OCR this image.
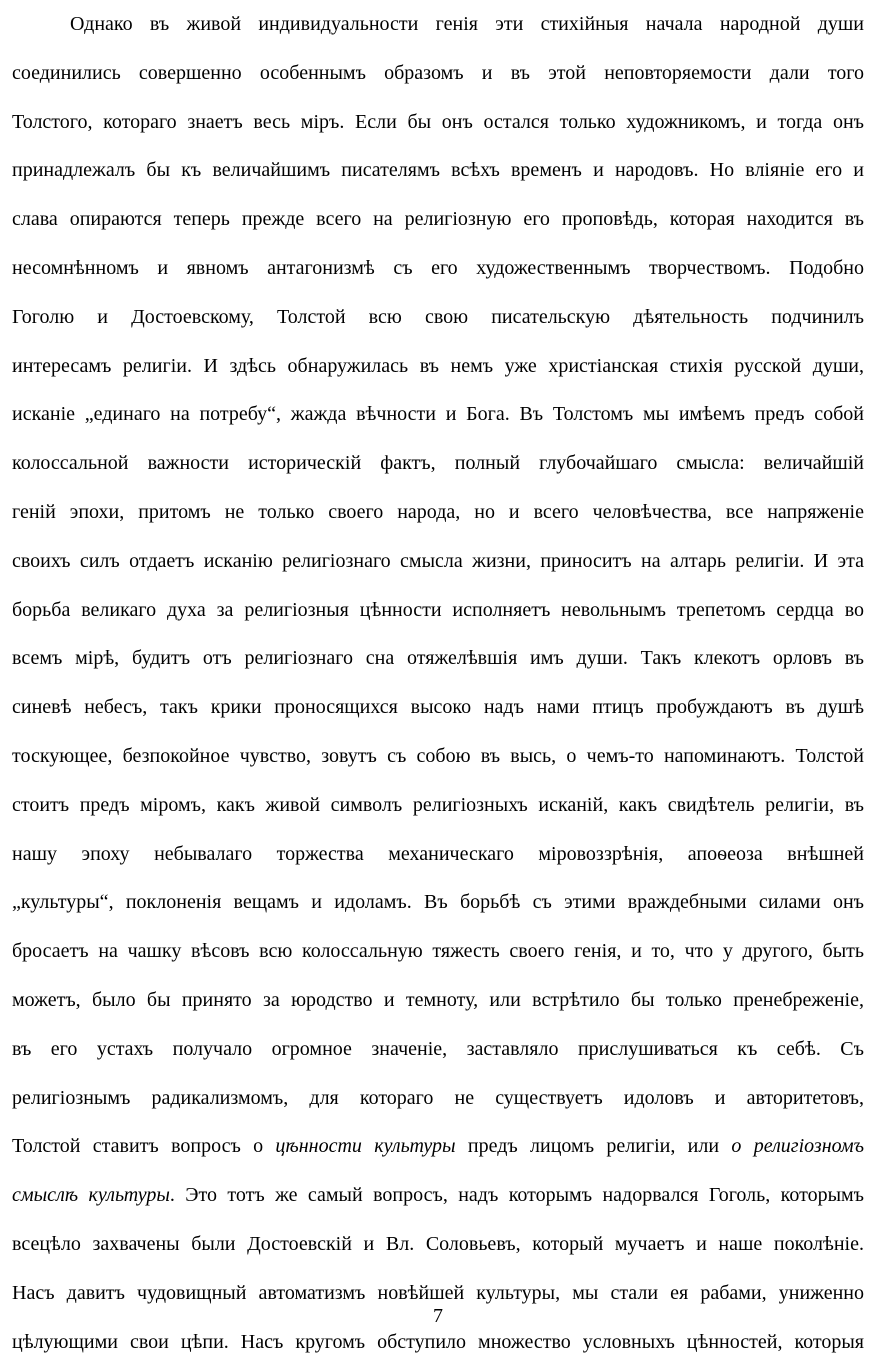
Однако въ живой индивидуальности генія эти стихійныя начала народной души
соединились совершенно особеннымъ образомъ и въ этой неповторяемости дали того
Толстого, котораго знаетъ весь міръ. Если бы онъ остался только художникомъ, и тогда онъ
принадлежалъ бы къ величайшимъ писателямъ всѣхъ временъ и народовъ. Но вліяніе его и
слава опираются теперь прежде всего на религіозную его проповѣдь, которая находится въ
несомнѣнномъ и явномъ антагонизмѣ съ его художественнымъ творчествомъ. Подобно
Гоголю и Достоевскому, Толстой всю свою писательскую дѣятельность подчинилъ
интересамъ религіи. И здѣсь обнаружилась въ немъ уже христіанская стихія русской души,
исканіе „единаго на потребу“, жажда вѣчности и Бога. Въ Толстомъ мы имѣемъ предъ собой
колоссальной важности историческій фактъ, полный глубочайшаго смысла: величайшій
геній эпохи, притомъ не только своего народа, но и всего человѣчества, все напряженіе
своихъ силъ отдаетъ исканію религіознаго смысла жизни, приноситъ на алтарь религіи. И эта
борьба великаго духа за религіозныя цѣнности исполняетъ невольнымъ трепетомъ сердца во
всемъ мірѣ, будитъ отъ религіознаго сна отяжелѣвшія имъ души. Такъ клекотъ орловъ въ
синевѣ небесъ, такъ крики проносящихся высоко надъ нами птицъ пробуждаютъ въ душѣ
тоскующее, безпокойное чувство, зовутъ съ собою въ высь, о чемъ-то напоминаютъ. Толстой
стоитъ предъ міромъ, какъ живой символъ религіозныхъ исканій, какъ свидѣтель религіи, въ
нашу эпоху небывалаго торжества механическаго міровоззрѣнія, апоѳеоза внѣшней
„культуры“, поклоненія вещамъ и идоламъ. Въ борьбѣ съ этими враждебными силами онъ
бросаетъ на чашку вѣсовъ всю колоссальную тяжесть своего генія, и то, что у другого, быть
можетъ, было бы принято за юродство и темноту, или встрѣтило бы только пренебреженіе,
въ его устахъ получало огромное значеніе, заставляло прислушиваться къ себѣ. Съ
религіознымъ радикализмомъ, для котораго не существуетъ идоловъ и авторитетовъ,
Толстой ставитъ вопросъ о цѣнности культуры предъ лицомъ религіи, или о религіозномъ
смыслѣ культуры. Это тотъ же самый вопросъ, надъ которымъ надорвался Гоголь, которымъ
всецѣло захвачены были Достоевскій и Вл. Соловьевъ, который мучаетъ и наше поколѣніе.
Насъ давитъ чудовищный автоматизмъ новѣйшей культуры, мы стали ея рабами, униженно
цѣлующими свои цѣпи. Насъ кругомъ обступило множество условныхъ цѣнностей, которыя
7
